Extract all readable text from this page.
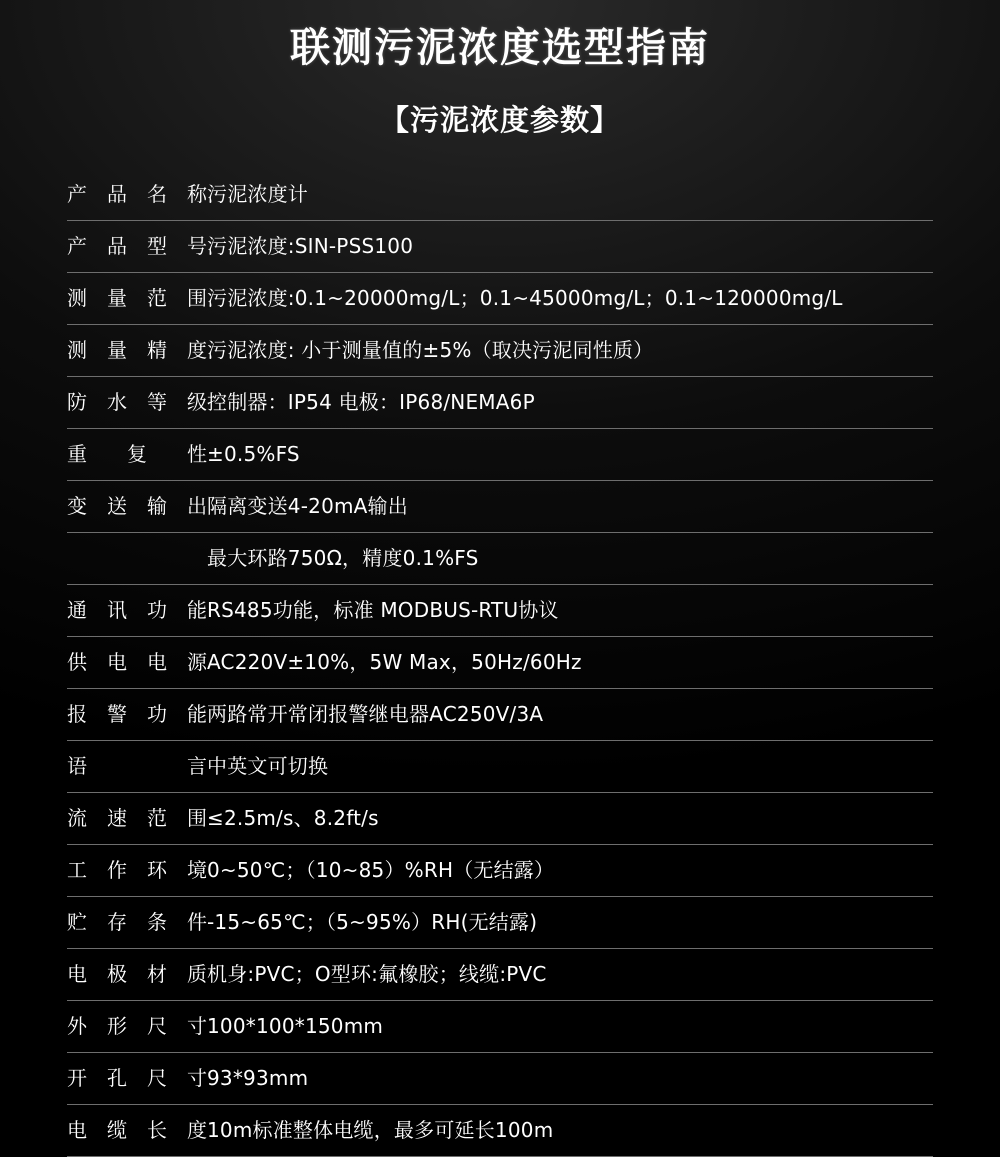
联测污泥浓度选型指南
【污泥浓度参数】
产品名称	污泥浓度计
产品型号	污泥浓度:SIN-PSS100
测量范围	污泥浓度:0.1~20000mg/L；0.1~45000mg/L；0.1~120000mg/L
测量精度	污泥浓度: 小于测量值的±5%（取决污泥同性质）
防水等级	控制器：IP54 电极：IP68/NEMA6P
重复性	±0.5%FS
变送输出	隔离变送4-20mA输出
	最大环路750Ω，精度0.1%FS
通讯功能	RS485功能，标准 MODBUS-RTU协议
供电电源	AC220V±10%，5W Max，50Hz/60Hz
报警功能	两路常开常闭报警继电器AC250V/3A
语言	中英文可切换
流速范围	≤2.5m/s、8.2ft/s
工作环境	0~50℃；（10~85）%RH（无结露）
贮存条件	-15~65℃；（5~95%）RH(无结露)
电极材质	机身:PVC；O型环:氟橡胶；线缆:PVC
外形尺寸	100*100*150mm
开孔尺寸	93*93mm
电缆长度	10m标准整体电缆，最多可延长100m
